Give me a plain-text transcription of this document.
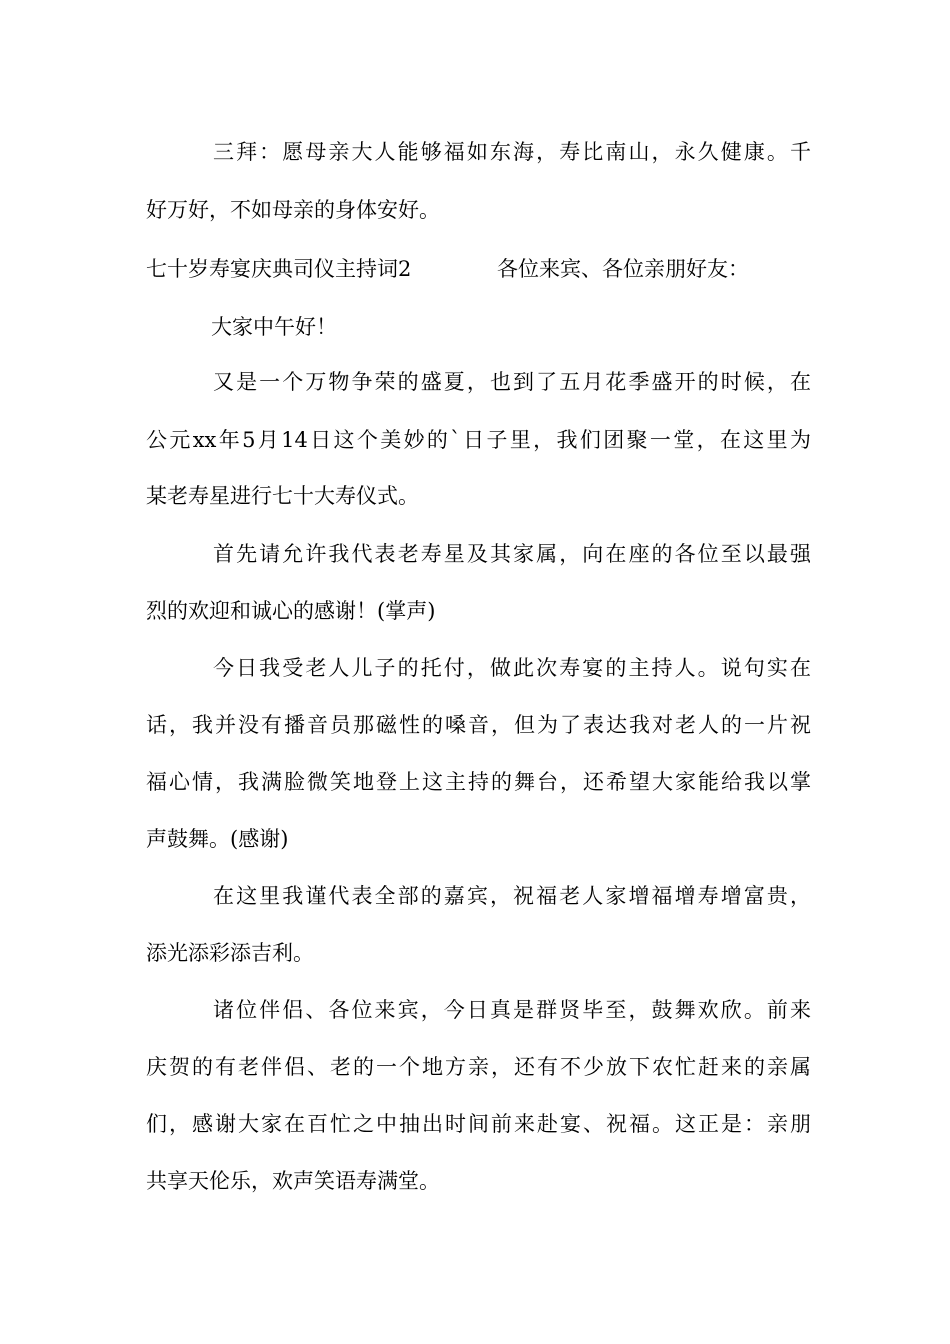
三拜：愿母亲大人能够福如东海，寿比南山，永久健康。千
好万好，不如母亲的身体安好。
七十岁寿宴庆典司仪主持词2	各位来宾、各位亲朋好友：
大家中午好！
又是一个万物争荣的盛夏，也到了五月花季盛开的时候，在
公元xx年5月14日这个美妙的`日子里，我们团聚一堂，在这里为
某老寿星进行七十大寿仪式。
首先请允许我代表老寿星及其家属，向在座的各位至以最强
烈的欢迎和诚心的感谢！(掌声)
今日我受老人儿子的托付，做此次寿宴的主持人。说句实在
话，我并没有播音员那磁性的嗓音，但为了表达我对老人的一片祝
福心情，我满脸微笑地登上这主持的舞台，还希望大家能给我以掌
声鼓舞。(感谢)
在这里我谨代表全部的嘉宾，祝福老人家增福增寿增富贵，
添光添彩添吉利。
诸位伴侣、各位来宾，今日真是群贤毕至，鼓舞欢欣。前来
庆贺的有老伴侣、老的一个地方亲，还有不少放下农忙赶来的亲属
们，感谢大家在百忙之中抽出时间前来赴宴、祝福。这正是：亲朋
共享天伦乐，欢声笑语寿满堂。
